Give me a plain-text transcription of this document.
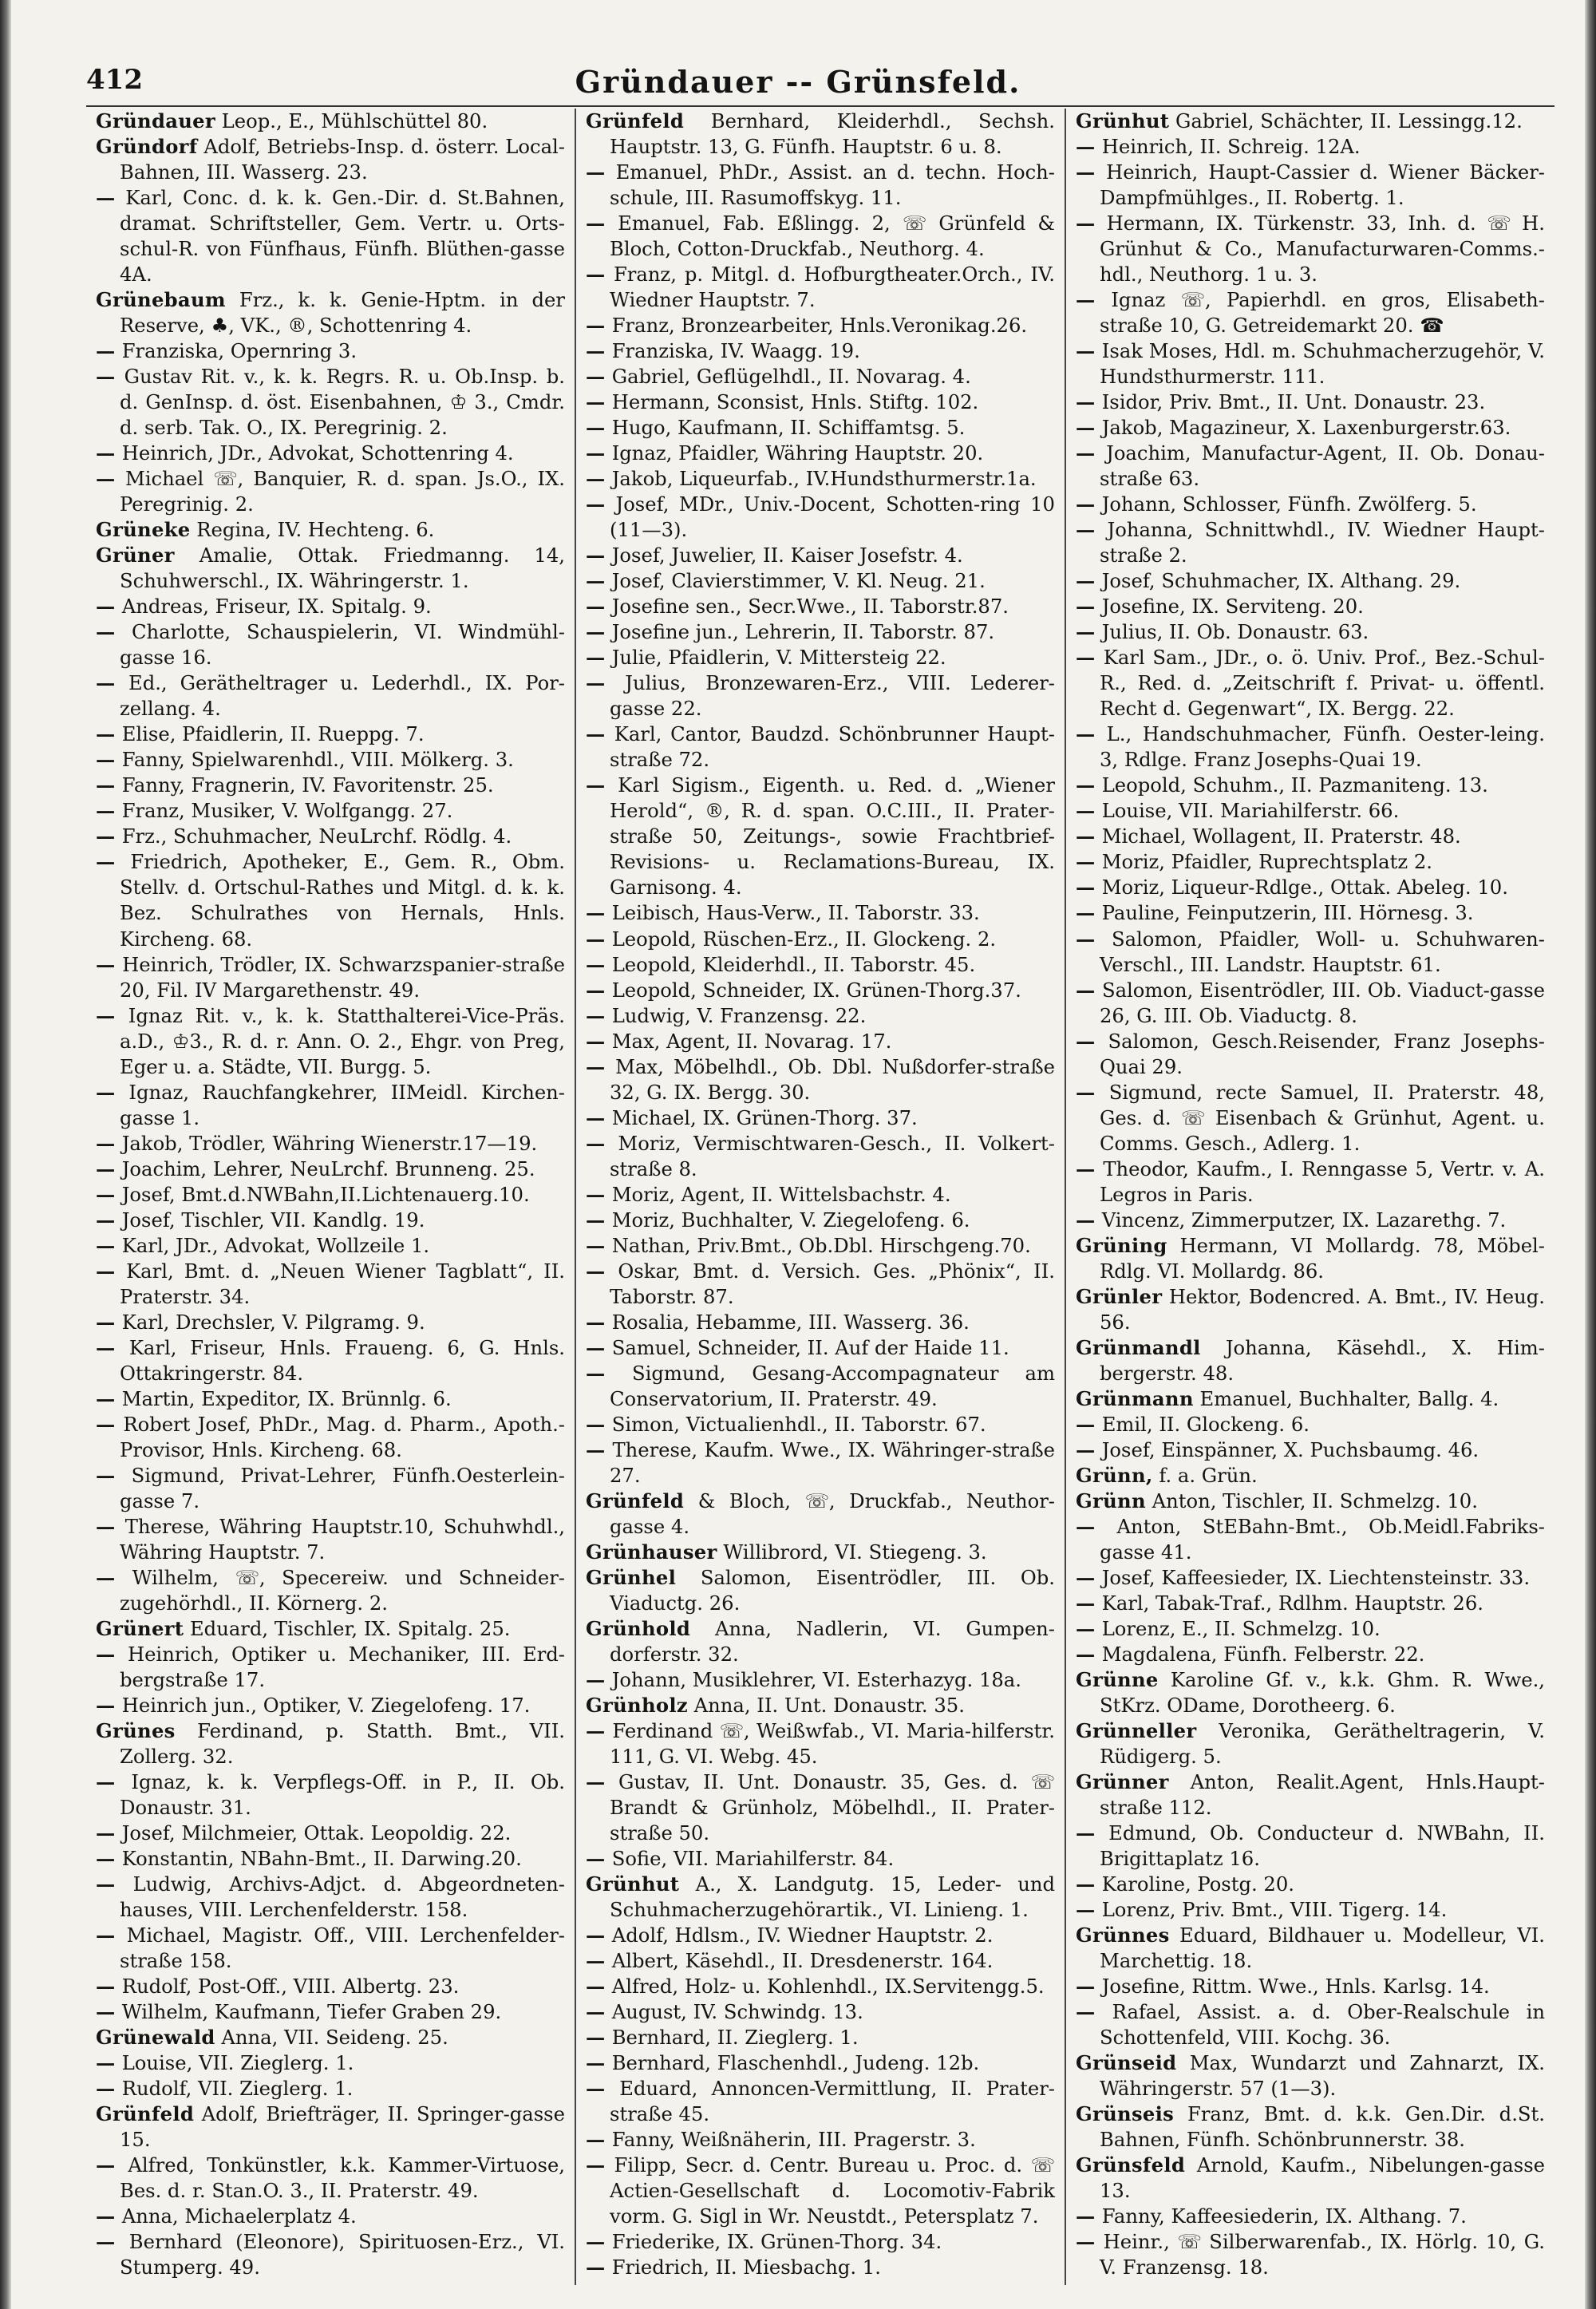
412	Gründauer -- Grünsfeld.

Gründauer Leop., E., Mühlschüttel 80.

Gründorf Adolf, Betriebs-Insp. d. österr. Local-Bahnen, III. Wasserg. 23.

— Karl, Conc. d. k. k. Gen.-Dir. d. St.Bahnen, dramat. Schriftsteller, Gem. Vertr. u. Orts-schul-R. von Fünfhaus, Fünfh. Blüthen-gasse 4A.

Grünebaum Frz., k. k. Genie-Hptm. in der Reserve, ♣, VK., ®, Schottenring 4.

— Franziska, Opernring 3.

— Gustav Rit. v., k. k. Regrs. R. u. Ob.Insp. b. d. GenInsp. d. öst. Eisenbahnen, ♔ 3., Cmdr. d. serb. Tak. O., IX. Peregrinig. 2.

— Heinrich, JDr., Advokat, Schottenring 4.

— Michael ☏, Banquier, R. d. span. Js.O., IX. Peregrinig. 2.

Grüneke Regina, IV. Hechteng. 6.

Grüner Amalie, Ottak. Friedmanng. 14, Schuhwerschl., IX. Währingerstr. 1.

— Andreas, Friseur, IX. Spitalg. 9.

— Charlotte, Schauspielerin, VI. Windmühl-gasse 16.

— Ed., Gerätheltrager u. Lederhdl., IX. Por-zellang. 4.

— Elise, Pfaidlerin, II. Rueppg. 7.

— Fanny, Spielwarenhdl., VIII. Mölkerg. 3.

— Fanny, Fragnerin, IV. Favoritenstr. 25.

— Franz, Musiker, V. Wolfgangg. 27.

— Frz., Schuhmacher, NeuLrchf. Rödlg. 4.

— Friedrich, Apotheker, E., Gem. R., Obm. Stellv. d. Ortschul-Rathes und Mitgl. d. k. k. Bez. Schulrathes von Hernals, Hnls. Kircheng. 68.

— Heinrich, Trödler, IX. Schwarzspanier-straße 20, Fil. IV Margarethenstr. 49.

— Ignaz Rit. v., k. k. Statthalterei-Vice-Präs. a.D., ♔3., R. d. r. Ann. O. 2., Ehgr. von Preg, Eger u. a. Städte, VII. Burgg. 5.

— Ignaz, Rauchfangkehrer, IIMeidl. Kirchen-gasse 1.

— Jakob, Trödler, Währing Wienerstr.17—19.

— Joachim, Lehrer, NeuLrchf. Brunneng. 25.

— Josef, Bmt.d.NWBahn,II.Lichtenauerg.10.

— Josef, Tischler, VII. Kandlg. 19.

— Karl, JDr., Advokat, Wollzeile 1.

— Karl, Bmt. d. „Neuen Wiener Tagblatt“, II. Praterstr. 34.

— Karl, Drechsler, V. Pilgramg. 9.

— Karl, Friseur, Hnls. Fraueng. 6, G. Hnls. Ottakringerstr. 84.

— Martin, Expeditor, IX. Brünnlg. 6.

— Robert Josef, PhDr., Mag. d. Pharm., Apoth.-Provisor, Hnls. Kircheng. 68.

— Sigmund, Privat-Lehrer, Fünfh.Oesterlein-gasse 7.

— Therese, Währing Hauptstr.10, Schuhwhdl., Währing Hauptstr. 7.

— Wilhelm, ☏, Specereiw. und Schneider-zugehörhdl., II. Körnerg. 2.

Grünert Eduard, Tischler, IX. Spitalg. 25.

— Heinrich, Optiker u. Mechaniker, III. Erd-bergstraße 17.

— Heinrich jun., Optiker, V. Ziegelofeng. 17.

Grünes Ferdinand, p. Statth. Bmt., VII. Zollerg. 32.

— Ignaz, k. k. Verpflegs-Off. in P., II. Ob. Donaustr. 31.

— Josef, Milchmeier, Ottak. Leopoldig. 22.

— Konstantin, NBahn-Bmt., II. Darwing.20.

— Ludwig, Archivs-Adjct. d. Abgeordneten-hauses, VIII. Lerchenfelderstr. 158.

— Michael, Magistr. Off., VIII. Lerchenfelder-straße 158.

— Rudolf, Post-Off., VIII. Albertg. 23.

— Wilhelm, Kaufmann, Tiefer Graben 29.

Grünewald Anna, VII. Seideng. 25.

— Louise, VII. Zieglerg. 1.

— Rudolf, VII. Zieglerg. 1.

Grünfeld Adolf, Briefträger, II. Springer-gasse 15.

— Alfred, Tonkünstler, k.k. Kammer-Virtuose, Bes. d. r. Stan.O. 3., II. Praterstr. 49.

— Anna, Michaelerplatz 4.

— Bernhard (Eleonore), Spirituosen-Erz., VI. Stumperg. 49.

Grünfeld Bernhard, Kleiderhdl., Sechsh. Hauptstr. 13, G. Fünfh. Hauptstr. 6 u. 8.

— Emanuel, PhDr., Assist. an d. techn. Hoch-schule, III. Rasumoffskyg. 11.

— Emanuel, Fab. Eßlingg. 2, ☏ Grünfeld & Bloch, Cotton-Druckfab., Neuthorg. 4.

— Franz, p. Mitgl. d. Hofburgtheater.Orch., IV. Wiedner Hauptstr. 7.

— Franz, Bronzearbeiter, Hnls.Veronikag.26.

— Franziska, IV. Waagg. 19.

— Gabriel, Geflügelhdl., II. Novarag. 4.

— Hermann, Sconsist, Hnls. Stiftg. 102.

— Hugo, Kaufmann, II. Schiffamtsg. 5.

— Ignaz, Pfaidler, Währing Hauptstr. 20.

— Jakob, Liqueurfab., IV.Hundsthurmerstr.1a.

— Josef, MDr., Univ.-Docent, Schotten-ring 10 (11—3).

— Josef, Juwelier, II. Kaiser Josefstr. 4.

— Josef, Clavierstimmer, V. Kl. Neug. 21.

— Josefine sen., Secr.Wwe., II. Taborstr.87.

— Josefine jun., Lehrerin, II. Taborstr. 87.

— Julie, Pfaidlerin, V. Mittersteig 22.

— Julius, Bronzewaren-Erz., VIII. Lederer-gasse 22.

— Karl, Cantor, Baudzd. Schönbrunner Haupt-straße 72.

— Karl Sigism., Eigenth. u. Red. d. „Wiener Herold“, ®, R. d. span. O.C.III., II. Prater-straße 50, Zeitungs-, sowie Frachtbrief-Revisions- u. Reclamations-Bureau, IX. Garnisong. 4.

— Leibisch, Haus-Verw., II. Taborstr. 33.

— Leopold, Rüschen-Erz., II. Glockeng. 2.

— Leopold, Kleiderhdl., II. Taborstr. 45.

— Leopold, Schneider, IX. Grünen-Thorg.37.

— Ludwig, V. Franzensg. 22.

— Max, Agent, II. Novarag. 17.

— Max, Möbelhdl., Ob. Dbl. Nußdorfer-straße 32, G. IX. Bergg. 30.

— Michael, IX. Grünen-Thorg. 37.

— Moriz, Vermischtwaren-Gesch., II. Volkert-straße 8.

— Moriz, Agent, II. Wittelsbachstr. 4.

— Moriz, Buchhalter, V. Ziegelofeng. 6.

— Nathan, Priv.Bmt., Ob.Dbl. Hirschgeng.70.

— Oskar, Bmt. d. Versich. Ges. „Phönix“, II. Taborstr. 87.

— Rosalia, Hebamme, III. Wasserg. 36.

— Samuel, Schneider, II. Auf der Haide 11.

— Sigmund, Gesang-Accompagnateur am Conservatorium, II. Praterstr. 49.

— Simon, Victualienhdl., II. Taborstr. 67.

— Therese, Kaufm. Wwe., IX. Währinger-straße 27.

Grünfeld & Bloch, ☏, Druckfab., Neuthor-gasse 4.

Grünhauser Willibrord, VI. Stiegeng. 3.

Grünhel Salomon, Eisentrödler, III. Ob. Viaductg. 26.

Grünhold Anna, Nadlerin, VI. Gumpen-dorferstr. 32.

— Johann, Musiklehrer, VI. Esterhazyg. 18a.

Grünholz Anna, II. Unt. Donaustr. 35.

— Ferdinand ☏, Weißwfab., VI. Maria-hilferstr. 111, G. VI. Webg. 45.

— Gustav, II. Unt. Donaustr. 35, Ges. d. ☏ Brandt & Grünholz, Möbelhdl., II. Prater-straße 50.

— Sofie, VII. Mariahilferstr. 84.

Grünhut A., X. Landgutg. 15, Leder- und Schuhmacherzugehörartik., VI. Linieng. 1.

— Adolf, Hdlsm., IV. Wiedner Hauptstr. 2.

— Albert, Käsehdl., II. Dresdenerstr. 164.

— Alfred, Holz- u. Kohlenhdl., IX.Servitengg.5.

— August, IV. Schwindg. 13.

— Bernhard, II. Zieglerg. 1.

— Bernhard, Flaschenhdl., Judeng. 12b.

— Eduard, Annoncen-Vermittlung, II. Prater-straße 45.

— Fanny, Weißnäherin, III. Pragerstr. 3.

— Filipp, Secr. d. Centr. Bureau u. Proc. d. ☏ Actien-Gesellschaft d. Locomotiv-Fabrik vorm. G. Sigl in Wr. Neustdt., Petersplatz 7.

— Friederike, IX. Grünen-Thorg. 34.

— Friedrich, II. Miesbachg. 1.

Grünhut Gabriel, Schächter, II. Lessingg.12.

— Heinrich, II. Schreig. 12A.

— Heinrich, Haupt-Cassier d. Wiener Bäcker-Dampfmühlges., II. Robertg. 1.

— Hermann, IX. Türkenstr. 33, Inh. d. ☏ H. Grünhut & Co., Manufacturwaren-Comms.-hdl., Neuthorg. 1 u. 3.

— Ignaz ☏, Papierhdl. en gros, Elisabeth-straße 10, G. Getreidemarkt 20. ☎

— Isak Moses, Hdl. m. Schuhmacherzugehör, V. Hundsthurmerstr. 111.

— Isidor, Priv. Bmt., II. Unt. Donaustr. 23.

— Jakob, Magazineur, X. Laxenburgerstr.63.

— Joachim, Manufactur-Agent, II. Ob. Donau-straße 63.

— Johann, Schlosser, Fünfh. Zwölferg. 5.

— Johanna, Schnittwhdl., IV. Wiedner Haupt-straße 2.

— Josef, Schuhmacher, IX. Althang. 29.

— Josefine, IX. Serviteng. 20.

— Julius, II. Ob. Donaustr. 63.

— Karl Sam., JDr., o. ö. Univ. Prof., Bez.-Schul-R., Red. d. „Zeitschrift f. Privat- u. öffentl. Recht d. Gegenwart“, IX. Bergg. 22.

— L., Handschuhmacher, Fünfh. Oester-leing. 3, Rdlge. Franz Josephs-Quai 19.

— Leopold, Schuhm., II. Pazmaniteng. 13.

— Louise, VII. Mariahilferstr. 66.

— Michael, Wollagent, II. Praterstr. 48.

— Moriz, Pfaidler, Ruprechtsplatz 2.

— Moriz, Liqueur-Rdlge., Ottak. Abeleg. 10.

— Pauline, Feinputzerin, III. Hörnesg. 3.

— Salomon, Pfaidler, Woll- u. Schuhwaren-Verschl., III. Landstr. Hauptstr. 61.

— Salomon, Eisentrödler, III. Ob. Viaduct-gasse 26, G. III. Ob. Viaductg. 8.

— Salomon, Gesch.Reisender, Franz Josephs-Quai 29.

— Sigmund, recte Samuel, II. Praterstr. 48, Ges. d. ☏ Eisenbach & Grünhut, Agent. u. Comms. Gesch., Adlerg. 1.

— Theodor, Kaufm., I. Renngasse 5, Vertr. v. A. Legros in Paris.

— Vincenz, Zimmerputzer, IX. Lazarethg. 7.

Grüning Hermann, VI Mollardg. 78, Möbel-Rdlg. VI. Mollardg. 86.

Grünler Hektor, Bodencred. A. Bmt., IV. Heug. 56.

Grünmandl Johanna, Käsehdl., X. Him-bergerstr. 48.

Grünmann Emanuel, Buchhalter, Ballg. 4.

— Emil, II. Glockeng. 6.

— Josef, Einspänner, X. Puchsbaumg. 46.

Grünn, f. a. Grün.

Grünn Anton, Tischler, II. Schmelzg. 10.

— Anton, StEBahn-Bmt., Ob.Meidl.Fabriks-gasse 41.

— Josef, Kaffeesieder, IX. Liechtensteinstr. 33.

— Karl, Tabak-Traf., Rdlhm. Hauptstr. 26.

— Lorenz, E., II. Schmelzg. 10.

— Magdalena, Fünfh. Felberstr. 22.

Grünne Karoline Gf. v., k.k. Ghm. R. Wwe., StKrz. ODame, Dorotheerg. 6.

Grünneller Veronika, Gerätheltragerin, V. Rüdigerg. 5.

Grünner Anton, Realit.Agent, Hnls.Haupt-straße 112.

— Edmund, Ob. Conducteur d. NWBahn, II. Brigittaplatz 16.

— Karoline, Postg. 20.

— Lorenz, Priv. Bmt., VIII. Tigerg. 14.

Grünnes Eduard, Bildhauer u. Modelleur, VI. Marchettig. 18.

— Josefine, Rittm. Wwe., Hnls. Karlsg. 14.

— Rafael, Assist. a. d. Ober-Realschule in Schottenfeld, VIII. Kochg. 36.

Grünseid Max, Wundarzt und Zahnarzt, IX. Währingerstr. 57 (1—3).

Grünseis Franz, Bmt. d. k.k. Gen.Dir. d.St. Bahnen, Fünfh. Schönbrunnerstr. 38.

Grünsfeld Arnold, Kaufm., Nibelungen-gasse 13.

— Fanny, Kaffeesiederin, IX. Althang. 7.

— Heinr., ☏ Silberwarenfab., IX. Hörlg. 10, G. V. Franzensg. 18.
